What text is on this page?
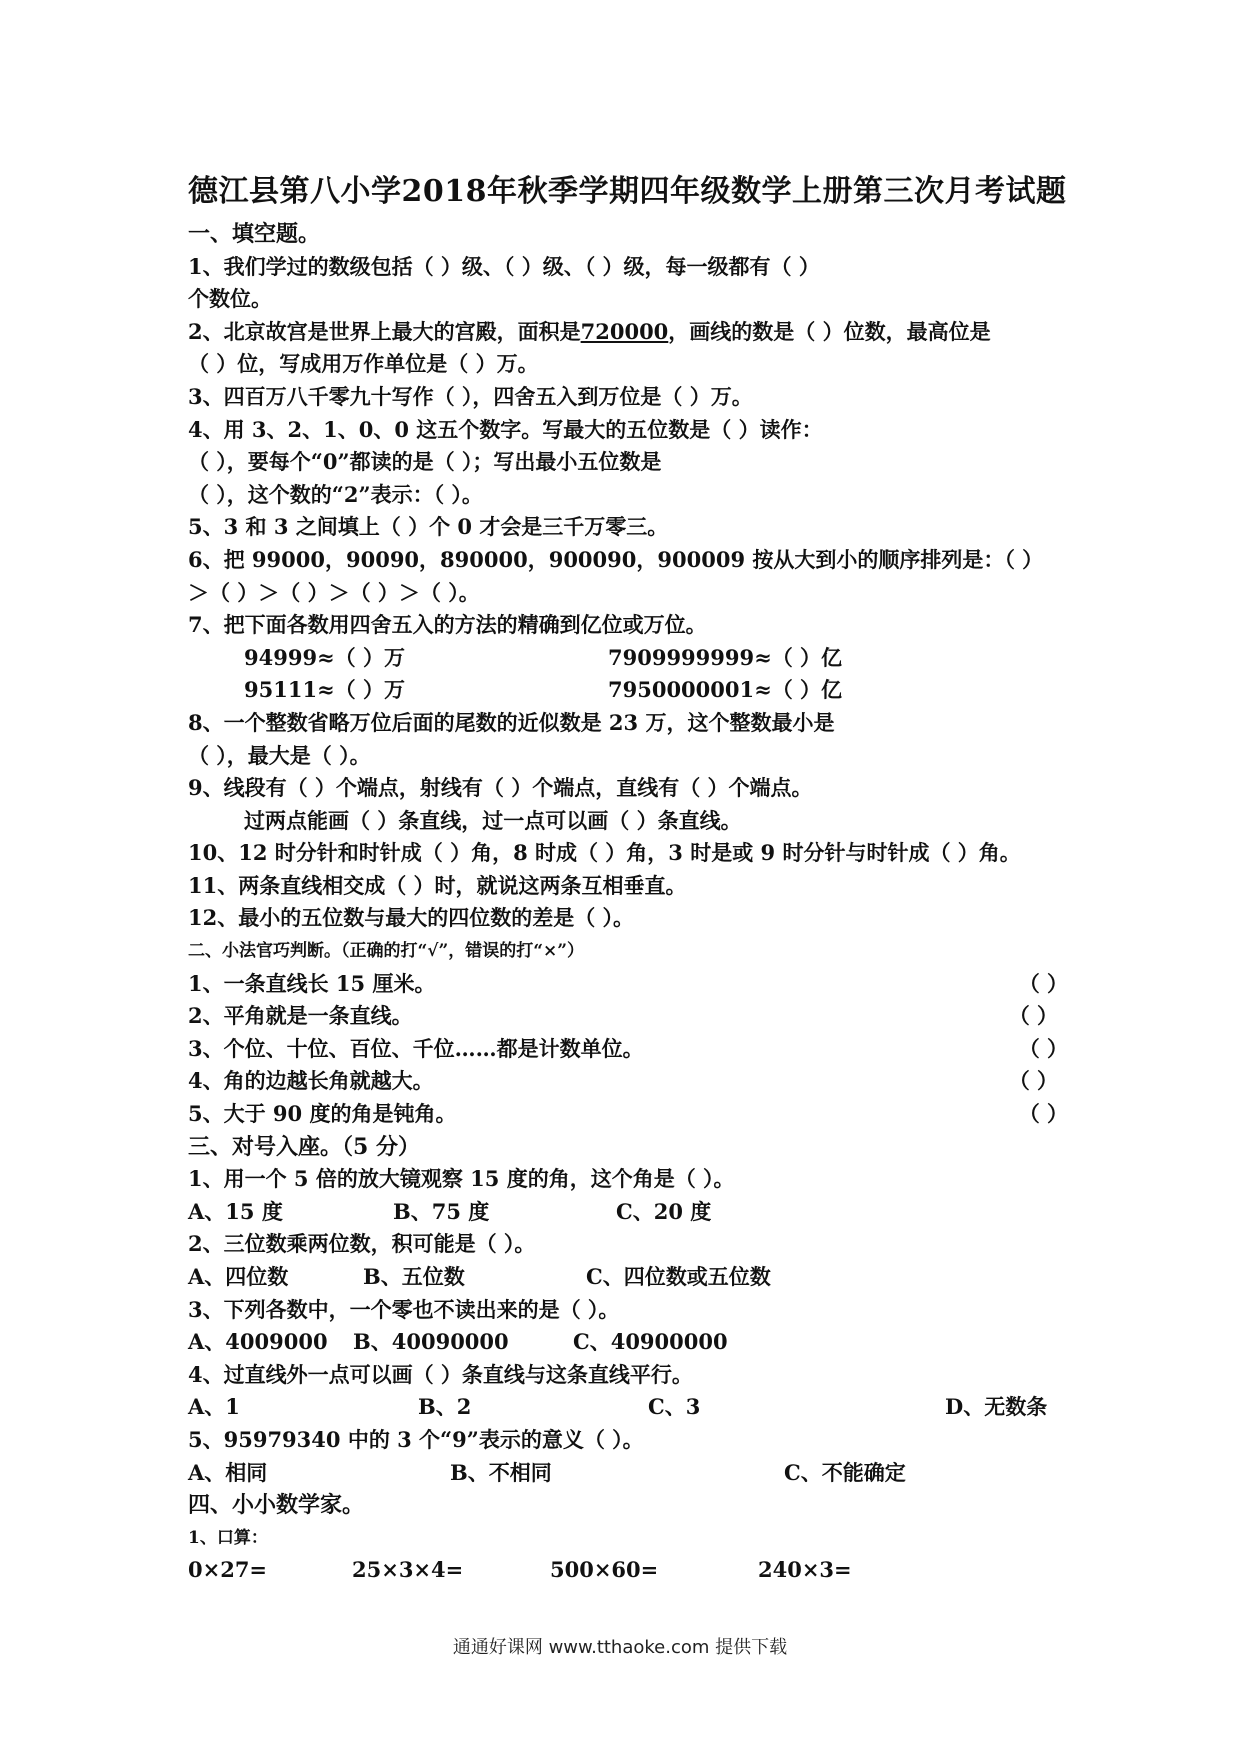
德江县第八小学2018年秋季学期四年级数学上册第三次月考试题
一、填空题。
1、我们学过的数级包括（ ）级、（ ）级、（ ）级，每一级都有（ ）
个数位。
2、北京故宫是世界上最大的宫殿，面积是720000，画线的数是（ ）位数，最高位是
（ ）位，写成用万作单位是（ ）万。
3、四百万八千零九十写作（ ），四舍五入到万位是（ ）万。
4、用 3、2、1、0、0 这五个数字。写最大的五位数是（ ）读作：
（ ），要每个“0”都读的是（ ）；写出最小五位数是
（ ），这个数的“2”表示：（ ）。
5、3 和 3 之间填上（ ）个 0 才会是三千万零三。
6、把 99000，90090，890000，900090，900009 按从大到小的顺序排列是：（ ）
＞（ ）＞（ ）＞（ ）＞（ ）。
7、把下面各数用四舍五入的方法的精确到亿位或万位。
94999≈（ ）万	7909999999≈（ ）亿
95111≈（ ）万	7950000001≈（ ）亿
8、一个整数省略万位后面的尾数的近似数是 23 万，这个整数最小是
（ ），最大是（ ）。
9、线段有（ ）个端点，射线有（ ）个端点，直线有（ ）个端点。
过两点能画（ ）条直线，过一点可以画（ ）条直线。
10、12 时分针和时针成（ ）角，8 时成（ ）角，3 时是或 9 时分针与时针成（ ）角。
11、两条直线相交成（ ）时，就说这两条互相垂直。
12、最小的五位数与最大的四位数的差是（ ）。
二、小法官巧判断。（正确的打“√”，错误的打“×”）
1、一条直线长 15 厘米。	（ ）
2、平角就是一条直线。	（ ）
3、个位、十位、百位、千位……都是计数单位。	（ ）
4、角的边越长角就越大。	（ ）
5、大于 90 度的角是钝角。	（ ）
三、对号入座。（5 分）
1、用一个 5 倍的放大镜观察 15 度的角，这个角是（ ）。
A、15 度	B、75 度	C、20 度
2、三位数乘两位数，积可能是（ ）。
A、四位数	B、五位数	C、四位数或五位数
3、下列各数中，一个零也不读出来的是（ ）。
A、4009000 B、40090000	C、40900000
4、过直线外一点可以画（ ）条直线与这条直线平行。
A、1	B、2	C、3	D、无数条
5、95979340 中的 3 个“9”表示的意义（ ）。
A、相同	B、不相同	C、不能确定
四、小小数学家。
1、口算：
0×27=	25×3×4=	500×60=	240×3=
通通好课网 www.tthaoke.com 提供下载
